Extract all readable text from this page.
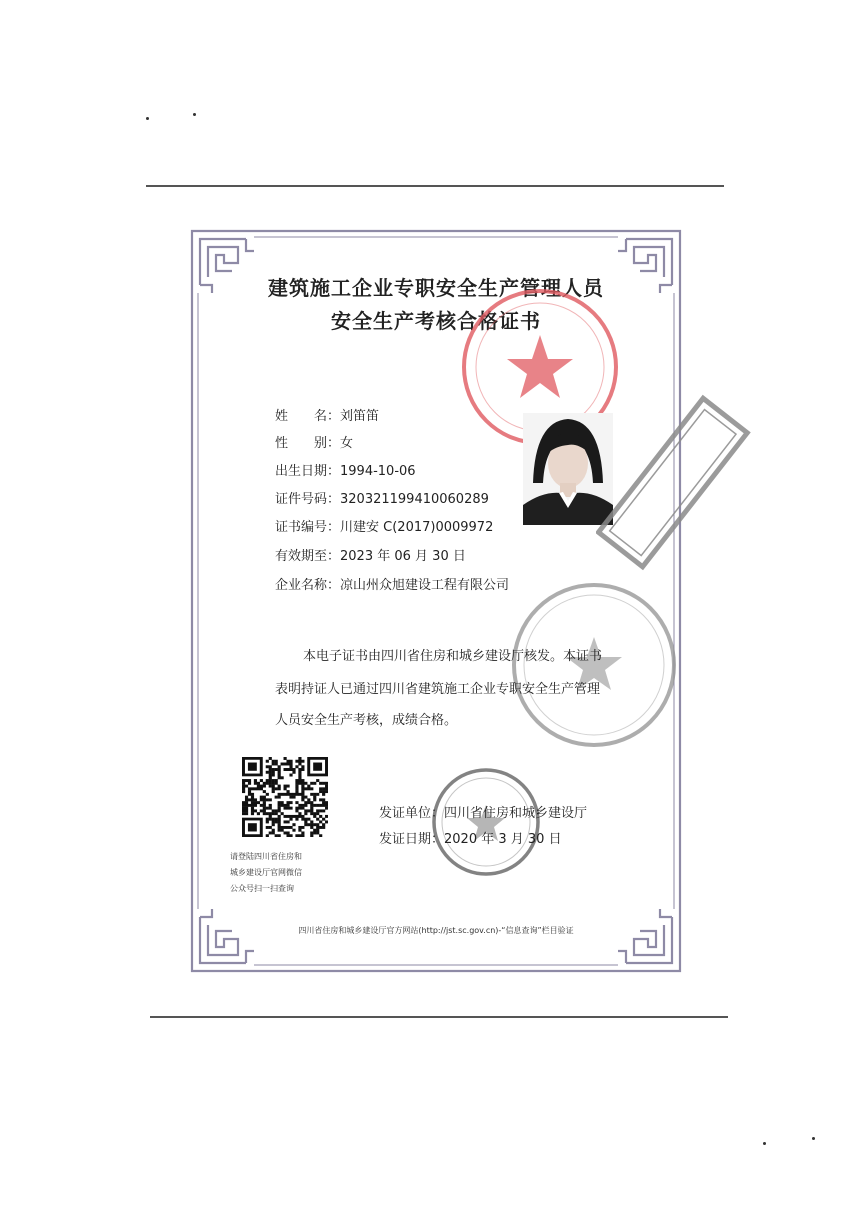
建筑施工企业专职安全生产管理人员
安全生产考核合格证书
姓　　名：刘笛笛
性　　别：女
出生日期：1994-10-06
证件号码：320321199410060289
证书编号：川建安 C(2017)0009972
有效期至：2023 年 06 月 30 日
企业名称：凉山州众旭建设工程有限公司
本电子证书由四川省住房和城乡建设厅核发。本证书
表明持证人已通过四川省建筑施工企业专职安全生产管理
人员安全生产考核，成绩合格。
请登陆四川省住房和
城乡建设厅官网微信
公众号扫一扫查询
发证单位：四川省住房和城乡建设厅
发证日期：2020 年 3 月 30 日
四川省住房和城乡建设厅官方网站(http://jst.sc.gov.cn)-“信息查询”栏目验证
